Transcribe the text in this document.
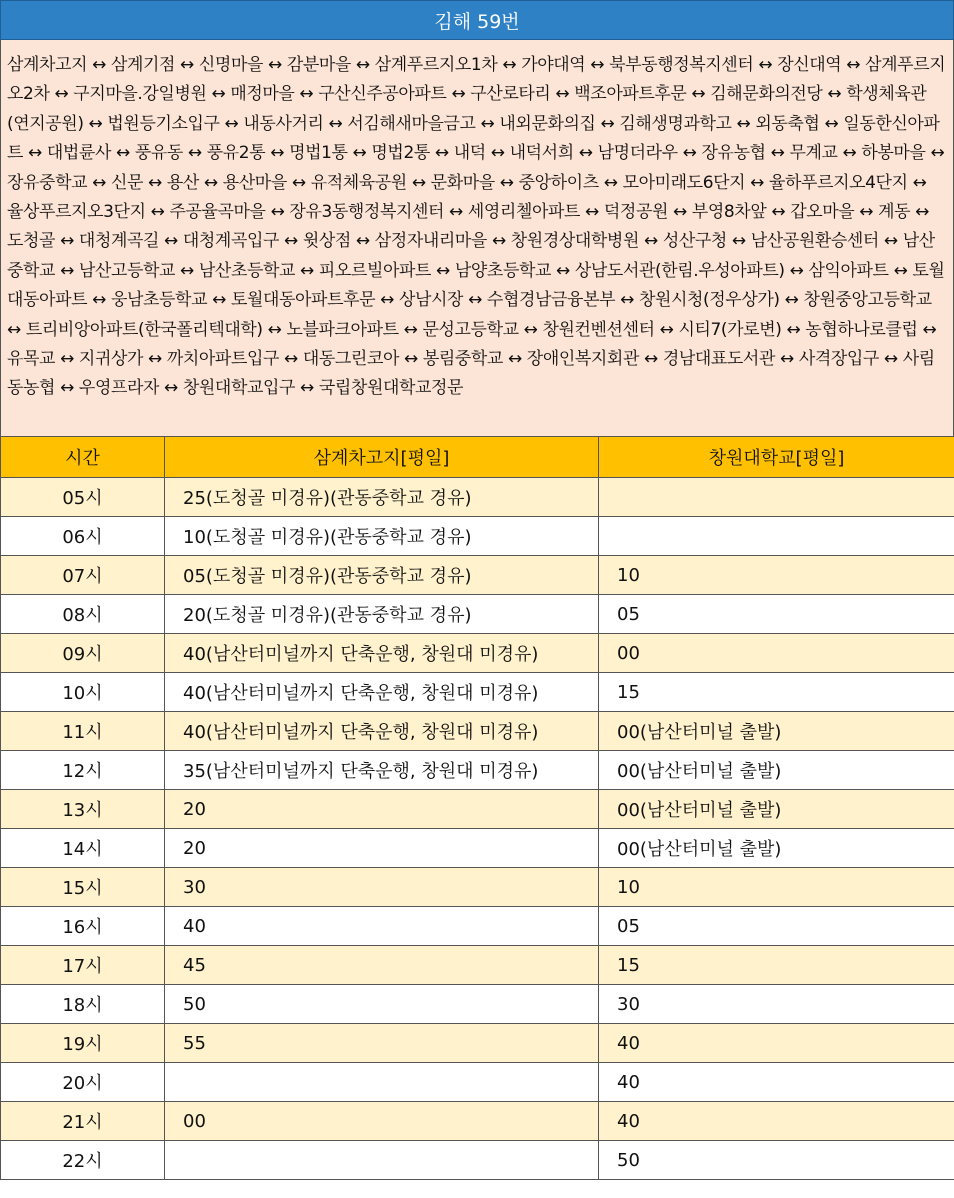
김해 59번
삼계차고지 ↔ 삼계기점 ↔ 신명마을 ↔ 감분마을 ↔ 삼계푸르지오1차 ↔ 가야대역 ↔ 북부동행정복지센터 ↔ 장신대역 ↔ 삼계푸르지오2차 ↔ 구지마을.강일병원 ↔ 매정마을 ↔ 구산신주공아파트 ↔ 구산로타리 ↔ 백조아파트후문 ↔ 김해문화의전당 ↔ 학생체육관(연지공원) ↔ 법원등기소입구 ↔ 내동사거리 ↔ 서김해새마을금고 ↔ 내외문화의집 ↔ 김해생명과학고 ↔ 외동축협 ↔ 일동한신아파트 ↔ 대법륜사 ↔ 풍유동 ↔ 풍유2통 ↔ 명법1통 ↔ 명법2통 ↔ 내덕 ↔ 내덕서희 ↔ 남명더라우 ↔ 장유농협 ↔ 무계교 ↔ 하봉마을 ↔ 장유중학교 ↔ 신문 ↔ 용산 ↔ 용산마을 ↔ 유적체육공원 ↔ 문화마을 ↔ 중앙하이츠 ↔ 모아미래도6단지 ↔ 율하푸르지오4단지 ↔ 율상푸르지오3단지 ↔ 주공율곡마을 ↔ 장유3동행정복지센터 ↔ 세영리첼아파트 ↔ 덕정공원 ↔ 부영8차앞 ↔ 갑오마을 ↔ 계동 ↔ 도청골 ↔ 대청계곡길 ↔ 대청계곡입구 ↔ 윗상점 ↔ 삼정자내리마을 ↔ 창원경상대학병원 ↔ 성산구청 ↔ 남산공원환승센터 ↔ 남산중학교 ↔ 남산고등학교 ↔ 남산초등학교 ↔ 피오르빌아파트 ↔ 남양초등학교 ↔ 상남도서관(한림.우성아파트) ↔ 삼익아파트 ↔ 토월대동아파트 ↔ 웅남초등학교 ↔ 토월대동아파트후문 ↔ 상남시장 ↔ 수협경남금융본부 ↔ 창원시청(정우상가) ↔ 창원중앙고등학교 ↔ 트리비앙아파트(한국폴리텍대학) ↔ 노블파크아파트 ↔ 문성고등학교 ↔ 창원컨벤션센터 ↔ 시티7(가로변) ↔ 농협하나로클럽 ↔ 유목교 ↔ 지귀상가 ↔ 까치아파트입구 ↔ 대동그린코아 ↔ 봉림중학교 ↔ 장애인복지회관 ↔ 경남대표도서관 ↔ 사격장입구 ↔ 사림동농협 ↔ 우영프라자 ↔ 창원대학교입구 ↔ 국립창원대학교정문
시간	삼계차고지[평일]	창원대학교[평일]
05시	25(도청골 미경유)(관동중학교 경유)	
06시	10(도청골 미경유)(관동중학교 경유)	
07시	05(도청골 미경유)(관동중학교 경유)	10
08시	20(도청골 미경유)(관동중학교 경유)	05
09시	40(남산터미널까지 단축운행, 창원대 미경유)	00
10시	40(남산터미널까지 단축운행, 창원대 미경유)	15
11시	40(남산터미널까지 단축운행, 창원대 미경유)	00(남산터미널 출발)
12시	35(남산터미널까지 단축운행, 창원대 미경유)	00(남산터미널 출발)
13시	20	00(남산터미널 출발)
14시	20	00(남산터미널 출발)
15시	30	10
16시	40	05
17시	45	15
18시	50	30
19시	55	40
20시		40
21시	00	40
22시		50
